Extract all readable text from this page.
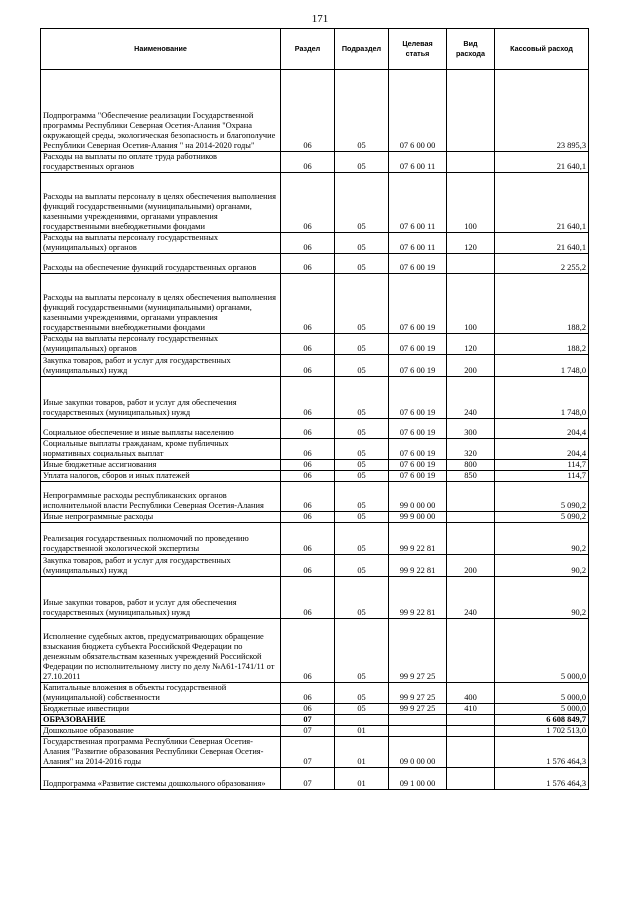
171
Наименование	Раздел	Подраздел	Целевая статья	Вид расхода	Кассовый расход
Подпрограмма "Обеспечение реализации Государственной программы Республики Северная Осетия-Алания "Охрана окружающей среды, экологическая безопасность и благополучие Республики Северная Осетия-Алания " на 2014-2020 годы"	06	05	07 6 00 00		23 895,3
Расходы на выплаты по оплате труда работников государственных органов	06	05	07 6 00 11		21 640,1
Расходы на выплаты персоналу в целях обеспечения выполнения функций государственными (муниципальными) органами, казенными учреждениями, органами управления государственными внебюджетными фондами	06	05	07 6 00 11	100	21 640,1
Расходы на выплаты персоналу государственных (муниципальных) органов	06	05	07 6 00 11	120	21 640,1
Расходы на обеспечение функций государственных органов	06	05	07 6 00 19		2 255,2
Расходы на выплаты персоналу в целях обеспечения выполнения функций государственными (муниципальными) органами, казенными учреждениями, органами управления государственными внебюджетными фондами	06	05	07 6 00 19	100	188,2
Расходы на выплаты персоналу государственных (муниципальных) органов	06	05	07 6 00 19	120	188,2
Закупка товаров, работ и услуг для государственных (муниципальных) нужд	06	05	07 6 00 19	200	1 748,0
Иные закупки товаров, работ и услуг для обеспечения государственных (муниципальных) нужд	06	05	07 6 00 19	240	1 748,0
Социальное обеспечение и иные выплаты населению	06	05	07 6 00 19	300	204,4
Социальные выплаты гражданам, кроме публичных нормативных социальных выплат	06	05	07 6 00 19	320	204,4
Иные бюджетные ассигнования	06	05	07 6 00 19	800	114,7
Уплата налогов, сборов и иных платежей	06	05	07 6 00 19	850	114,7
Непрограммные расходы республиканских органов исполнительной власти Республики Северная Осетия-Алания	06	05	99 0 00 00		5 090,2
Иные непрограммные расходы	06	05	99 9 00 00		5 090,2
Реализация государственных полномочий по проведению государственной экологической экспертизы	06	05	99 9 22 81		90,2
Закупка товаров, работ и услуг для государственных (муниципальных) нужд	06	05	99 9 22 81	200	90,2
Иные закупки товаров, работ и услуг для обеспечения государственных (муниципальных) нужд	06	05	99 9 22 81	240	90,2
Исполнение судебных актов, предусматривающих обращение взыскания бюджета субъекта Российской Федерации по денежным обязательствам казенных учреждений Российской Федерации по исполнительному листу по делу №А61-1741/11 от 27.10.2011	06	05	99 9 27 25		5 000,0
Капитальные вложения в объекты государственной (муниципальной) собственности	06	05	99 9 27 25	400	5 000,0
Бюджетные инвестиции	06	05	99 9 27 25	410	5 000,0
ОБРАЗОВАНИЕ	07				6 608 849,7
Дошкольное образование	07	01			1 702 513,0
Государственная программа Республики Северная Осетия-Алания "Развитие образования Республики Северная Осетия-Алания" на 2014-2016 годы	07	01	09 0 00 00		1 576 464,3
Подпрограмма «Развитие системы дошкольного образования»	07	01	09 1 00 00		1 576 464,3
